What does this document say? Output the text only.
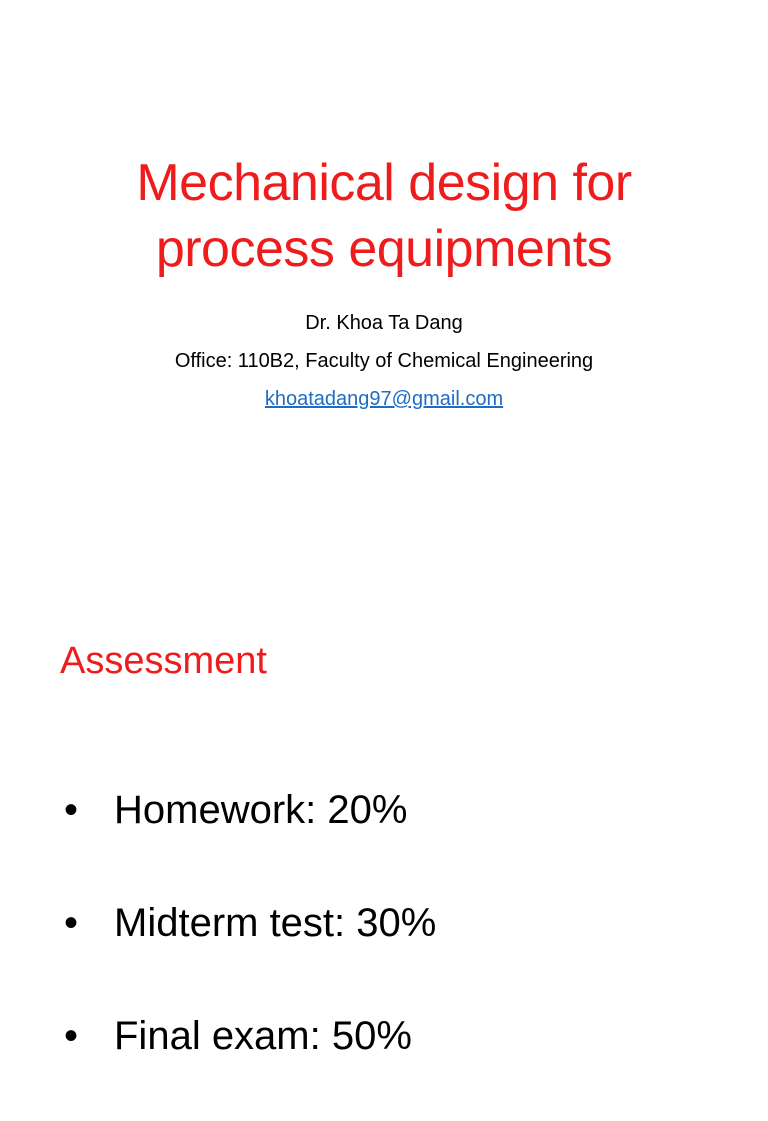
Mechanical design for
process equipments
Dr. Khoa Ta Dang
Office: 110B2, Faculty of Chemical Engineering
khoatadang97@gmail.com
Assessment
• Homework: 20%
• Midterm test: 30%
• Final exam: 50%
